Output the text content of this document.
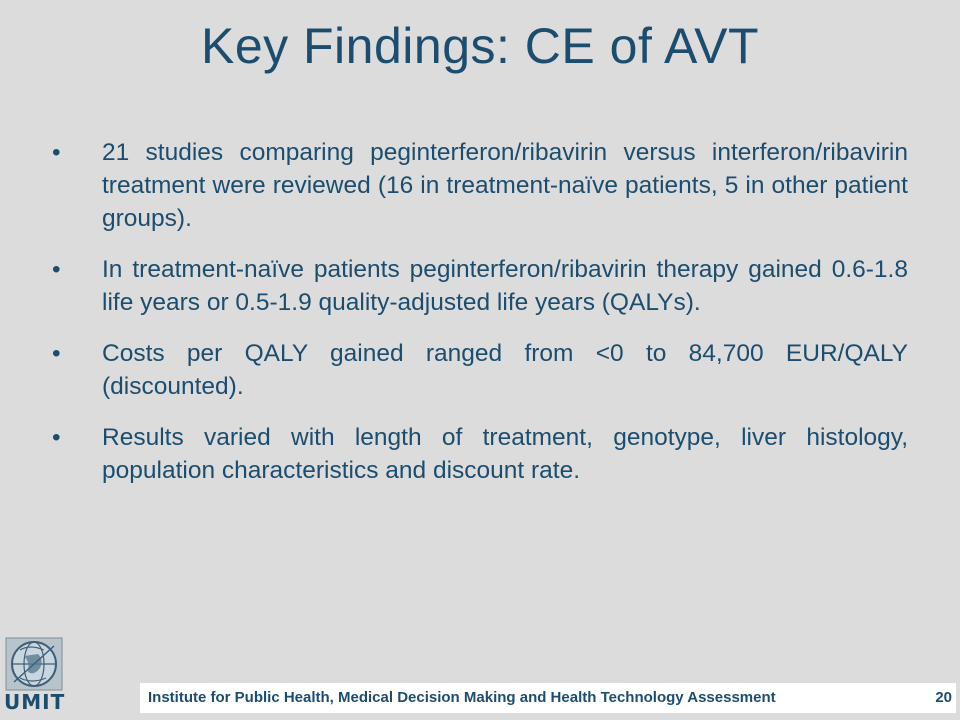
Key Findings: CE of AVT
•	21 studies comparing peginterferon/ribavirin versus interferon/ribavirin treatment were reviewed (16 in treatment-naïve patients, 5 in other patient groups).
•	In treatment-naïve patients peginterferon/ribavirin therapy gained 0.6-1.8 life years or 0.5-1.9 quality-adjusted life years (QALYs).
•	Costs per QALY gained ranged from <0 to 84,700 EUR/QALY (discounted).
•	Results varied with length of treatment, genotype, liver histology, population characteristics and discount rate.
UMIT	Institute for Public Health, Medical Decision Making and Health Technology Assessment	20
